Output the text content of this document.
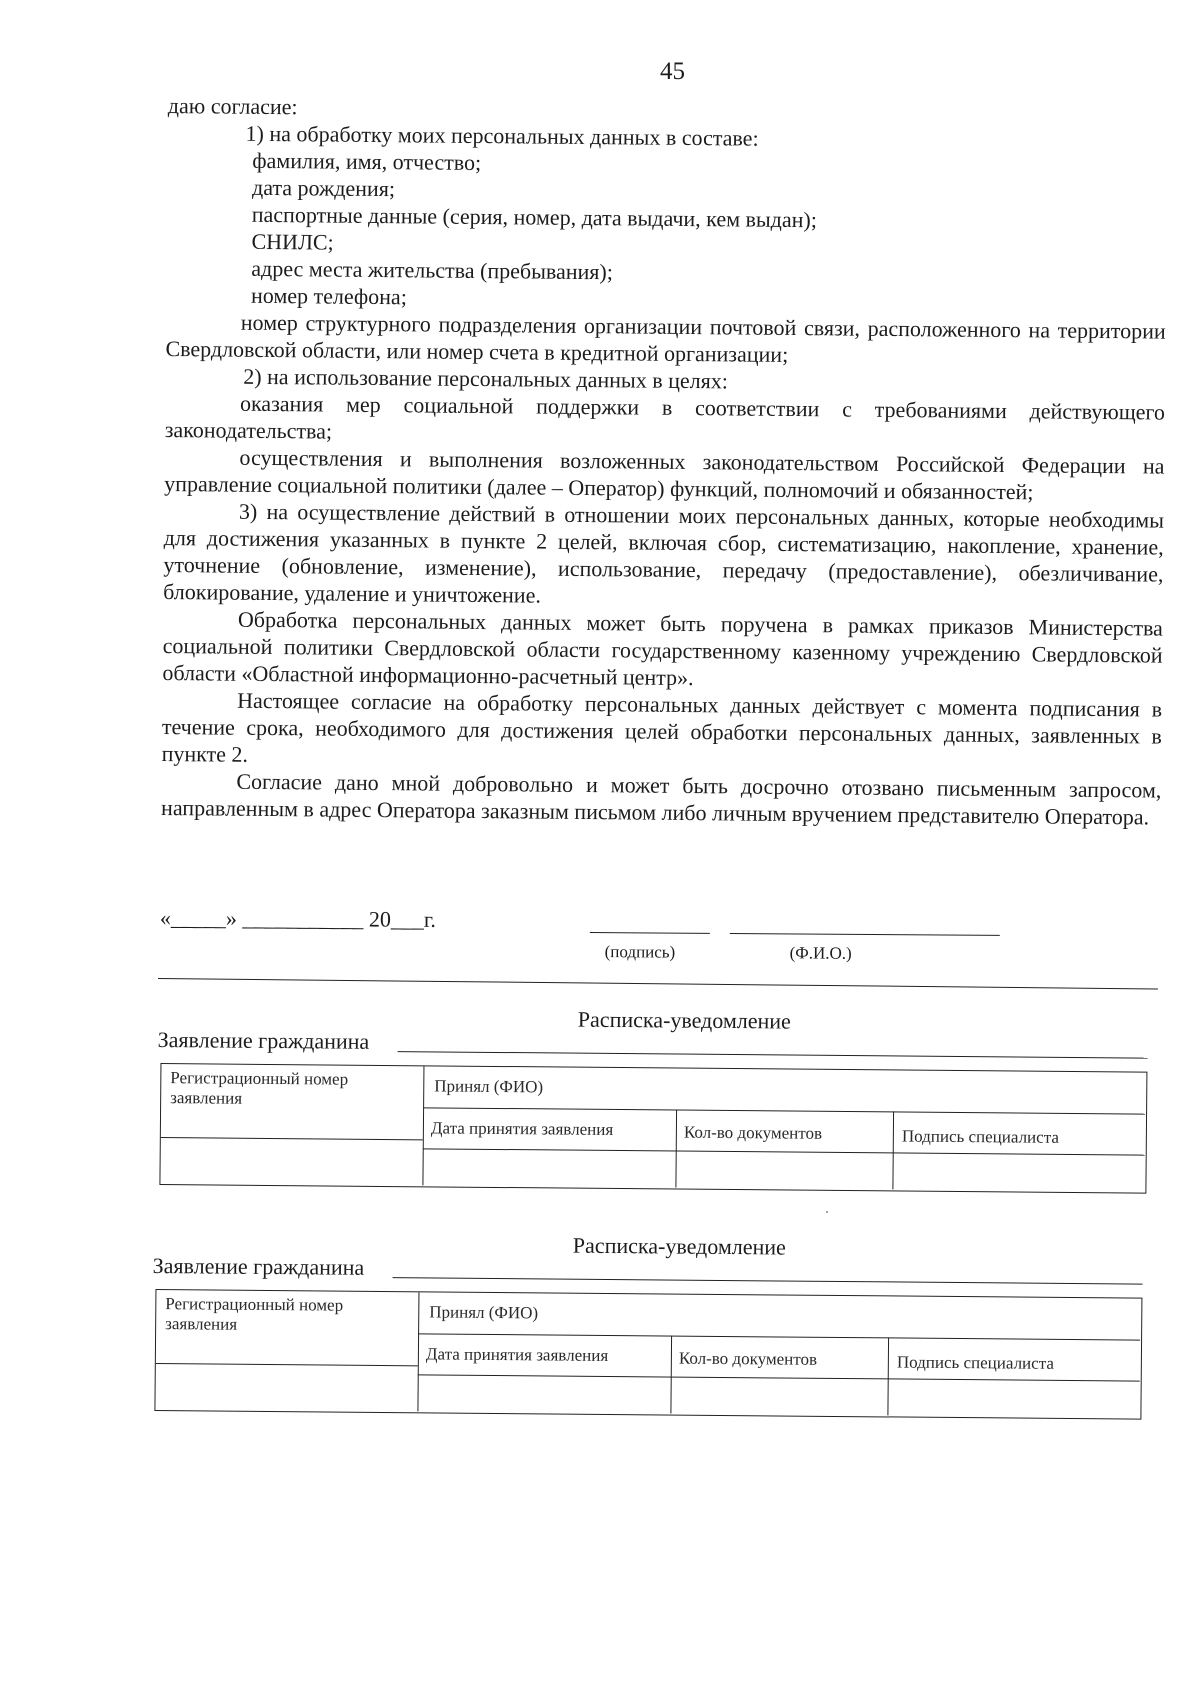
45

даю согласие:

1) на обработку моих персональных данных в составе:

фамилия, имя, отчество;

дата рождения;

паспортные данные (серия, номер, дата выдачи, кем выдан);

СНИЛС;

адрес места жительства (пребывания);

номер телефона;

номер структурного подразделения организации почтовой связи, расположенного на территории Свердловской области, или номер счета в кредитной организации;

2) на использование персональных данных в целях:

оказания мер социальной поддержки в соответствии с требованиями действующего законодательства;

осуществления и выполнения возложенных законодательством Российской Федерации на управление социальной политики (далее – Оператор) функций, полномочий и обязанностей;

3) на осуществление действий в отношении моих персональных данных, которые необходимы для достижения указанных в пункте 2 целей, включая сбор, систематизацию, накопление, хранение, уточнение (обновление, изменение), использование, передачу (предоставление), обезличивание, блокирование, удаление и уничтожение.

Обработка персональных данных может быть поручена в рамках приказов Министерства социальной политики Свердловской области государственному казенному учреждению Свердловской области «Областной информационно-расчетный центр».

Настоящее согласие на обработку персональных данных действует с момента подписания в течение срока, необходимого для достижения целей обработки персональных данных, заявленных в пункте 2.

Согласие дано мной добровольно и может быть досрочно отозвано письменным запросом, направленным в адрес Оператора заказным письмом либо личным вручением представителю Оператора.

«_____» ___________ 20___г.
(подпись)	(Ф.И.О.)
Расписка-уведомление
Заявление гражданина
Регистрационный номер заявления
Принял (ФИО)
Дата принятия заявления	Кол-во документов	Подпись специалиста
Расписка-уведомление
Заявление гражданина
Регистрационный номер заявления
Принял (ФИО)
Дата принятия заявления	Кол-во документов	Подпись специалиста
